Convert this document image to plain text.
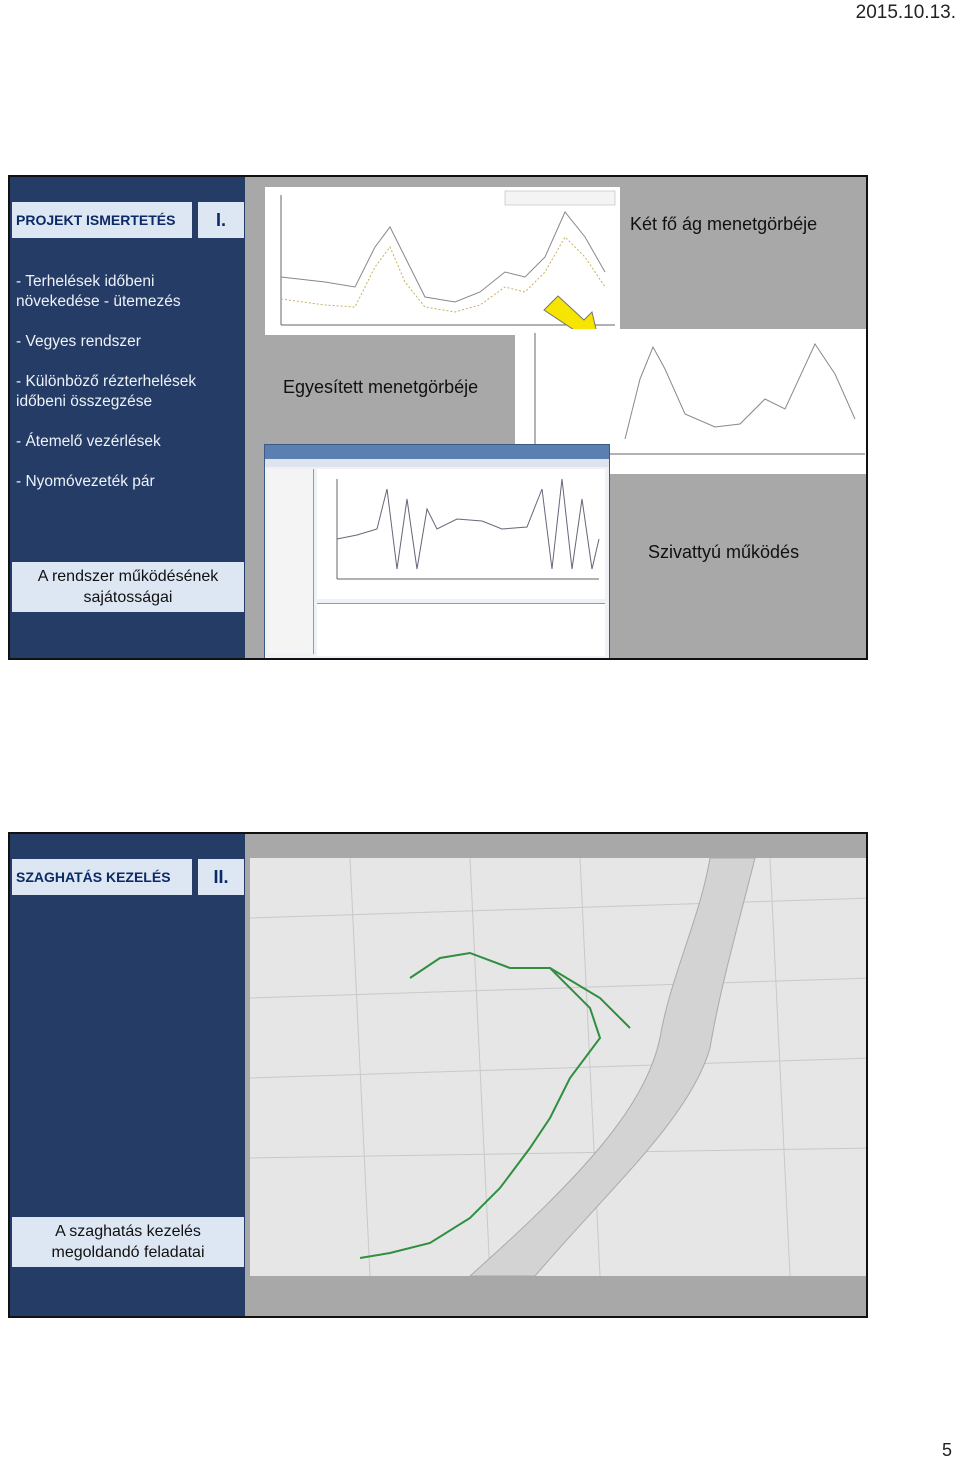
2015.10.13.
PROJEKT ISMERTETÉS	I.
- Terhelések időbeni növekedése - ütemezés
- Vegyes rendszer
- Különböző rézterhelések időbeni összegzése
- Átemelő vezérlések
- Nyomóvezeték pár
A rendszer működésének sajátosságai
Két fő ág menetgörbéje
Egyesített menetgörbéje
Szivattyú működés
SZAGHATÁS KEZELÉS	II.
A szaghatás kezelés megoldandó feladatai
5
